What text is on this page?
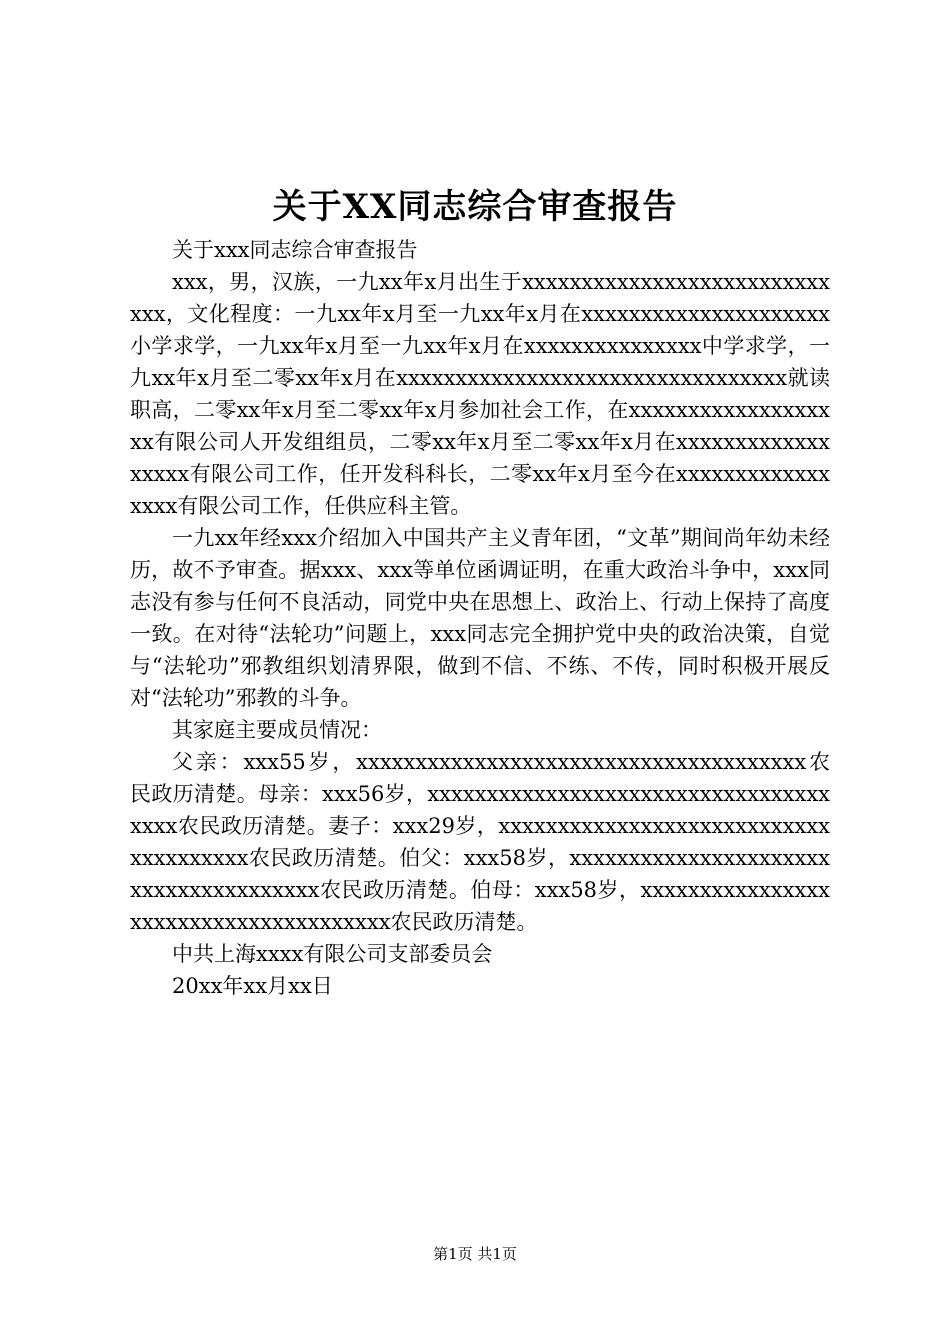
关于XX同志综合审查报告

关于xxx同志综合审查报告

xxx，男，汉族，一九xx年x月出生于xxxxxxxxxxxxxxxxxxxxxxxxxxxxx，文化程度：一九xx年x月至一九xx年x月在xxxxxxxxxxxxxxxxxxxxx小学求学，一九xx年x月至一九xx年x月在xxxxxxxxxxxxxxx中学求学，一九xx年x月至二零xx年x月在xxxxxxxxxxxxxxxxxxxxxxxxxxxxxxxxx就读职高，二零xx年x月至二零xx年x月参加社会工作，在xxxxxxxxxxxxxxxxxxx有限公司人开发组组员，二零xx年x月至二零xx年x月在xxxxxxxxxxxxxxxxxx有限公司工作，任开发科科长，二零xx年x月至今在xxxxxxxxxxxxxxxxx有限公司工作，任供应科主管。

一九xx年经xxx介绍加入中国共产主义青年团，“文革”期间尚年幼未经历，故不予审查。据xxx、xxx等单位函调证明，在重大政治斗争中，xxx同志没有参与任何不良活动，同党中央在思想上、政治上、行动上保持了高度一致。在对待“法轮功”问题上，xxx同志完全拥护党中央的政治决策，自觉与“法轮功”邪教组织划清界限，做到不信、不练、不传，同时积极开展反对“法轮功”邪教的斗争。

其家庭主要成员情况：

父亲：xxx55岁，xxxxxxxxxxxxxxxxxxxxxxxxxxxxxxxxxxxxxx农民政历清楚。母亲：xxx56岁，xxxxxxxxxxxxxxxxxxxxxxxxxxxxxxxxxxxxxx农民政历清楚。妻子：xxx29岁，xxxxxxxxxxxxxxxxxxxxxxxxxxxxxxxxxxxxxx农民政历清楚。伯父：xxx58岁，xxxxxxxxxxxxxxxxxxxxxxxxxxxxxxxxxxxxxx农民政历清楚。伯母：xxx58岁，xxxxxxxxxxxxxxxxxxxxxxxxxxxxxxxxxxxxxx农民政历清楚。

中共上海xxxx有限公司支部委员会

20xx年xx月xx日

第1页 共1页
